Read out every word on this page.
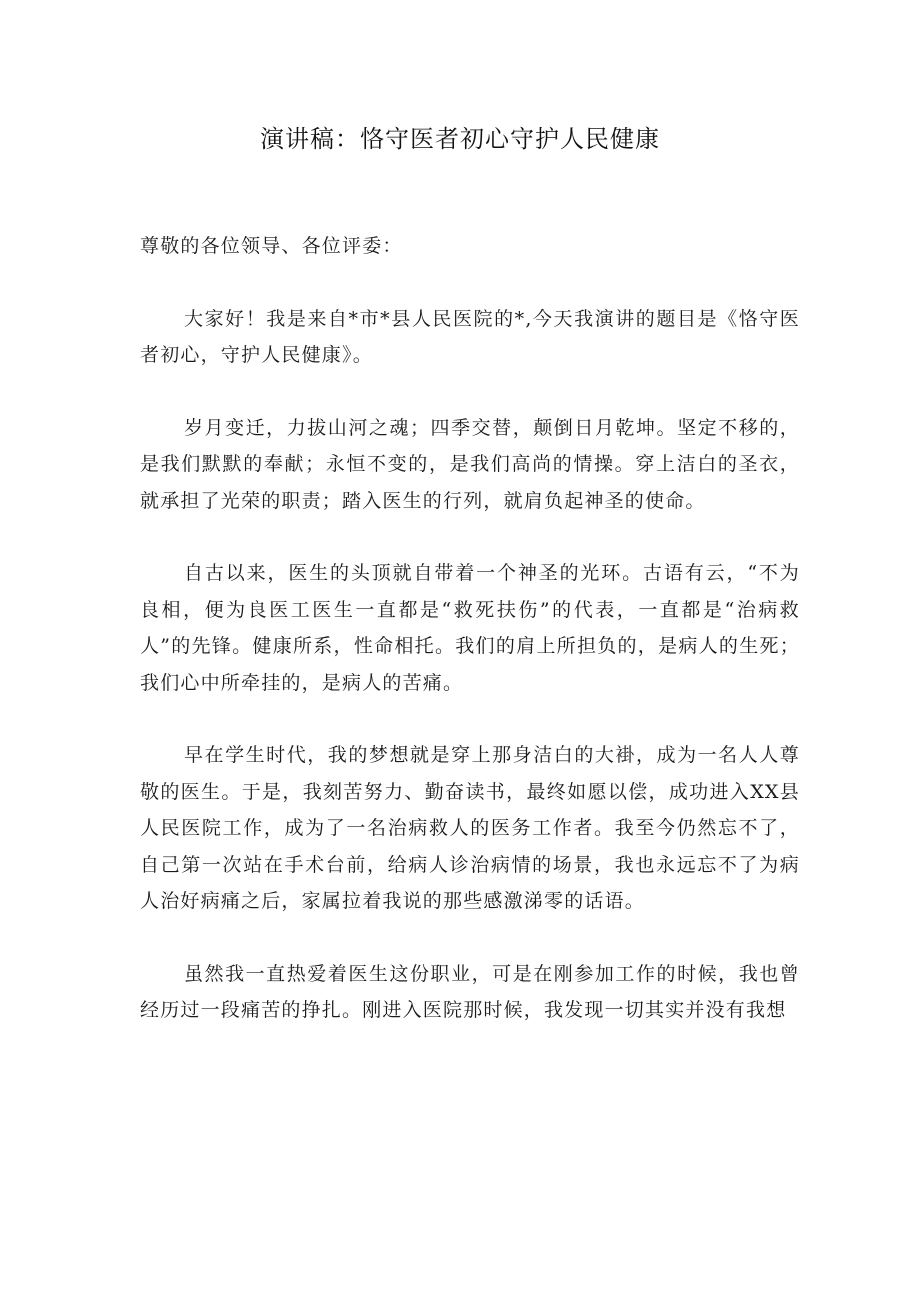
演讲稿：恪守医者初心守护人民健康

尊敬的各位领导、各位评委：

大家好！我是来自*市*县人民医院的*,今天我演讲的题目是《恪守医者初心，守护人民健康》。

岁月变迁，力拔山河之魂；四季交替，颠倒日月乾坤。坚定不移的，是我们默默的奉献；永恒不变的，是我们高尚的情操。穿上洁白的圣衣，就承担了光荣的职责；踏入医生的行列，就肩负起神圣的使命。

自古以来，医生的头顶就自带着一个神圣的光环。古语有云，“不为良相，便为良医工医生一直都是“救死扶伤”的代表，一直都是“治病救人”的先锋。健康所系，性命相托。我们的肩上所担负的，是病人的生死；我们心中所牵挂的，是病人的苦痛。

早在学生时代，我的梦想就是穿上那身洁白的大褂，成为一名人人尊敬的医生。于是，我刻苦努力、勤奋读书，最终如愿以偿，成功进入XX县人民医院工作，成为了一名治病救人的医务工作者。我至今仍然忘不了，自己第一次站在手术台前，给病人诊治病情的场景，我也永远忘不了为病人治好病痛之后，家属拉着我说的那些感激涕零的话语。

虽然我一直热爱着医生这份职业，可是在刚参加工作的时候，我也曾经历过一段痛苦的挣扎。刚进入医院那时候，我发现一切其实并没有我想
